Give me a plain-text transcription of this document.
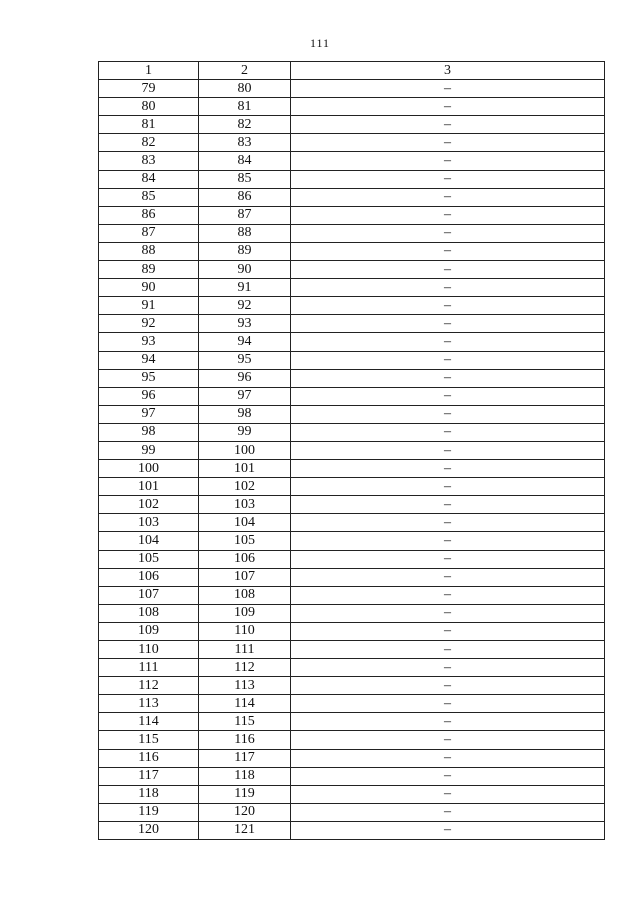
111
1	2	3
79	80	–
80	81	–
81	82	–
82	83	–
83	84	–
84	85	–
85	86	–
86	87	–
87	88	–
88	89	–
89	90	–
90	91	–
91	92	–
92	93	–
93	94	–
94	95	–
95	96	–
96	97	–
97	98	–
98	99	–
99	100	–
100	101	–
101	102	–
102	103	–
103	104	–
104	105	–
105	106	–
106	107	–
107	108	–
108	109	–
109	110	–
110	111	–
111	112	–
112	113	–
113	114	–
114	115	–
115	116	–
116	117	–
117	118	–
118	119	–
119	120	–
120	121	–
